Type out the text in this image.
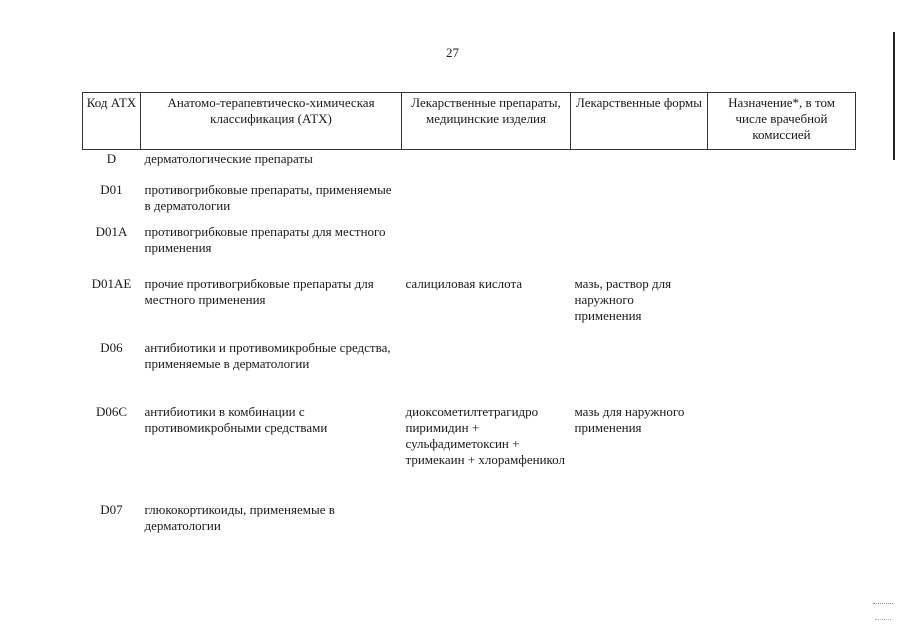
27
Код АТХ	Анатомо-терапевтическо-химическая классификация (АТХ)	Лекарственные препараты, медицинские изделия	Лекарственные формы	Назначение*, в том числе врачебной комиссией
D	дерматологические препараты			
D01	противогрибковые препараты, применяемые в дерматологии			
D01A	противогрибковые препараты для местного применения			
D01AE	прочие противогрибковые препараты для местного применения	салициловая кислота	мазь, раствор для наружного применения	
D06	антибиотики и противомикробные средства, применяемые в дерматологии			
D06C	антибиотики в комбинации с противомикробными средствами	диоксометилтетрагидро пиримидин + сульфадиметоксин + тримекаин + хлорамфеникол	мазь для наружного применения	
D07	глюкокортикоиды, применяемые в дерматологии			
